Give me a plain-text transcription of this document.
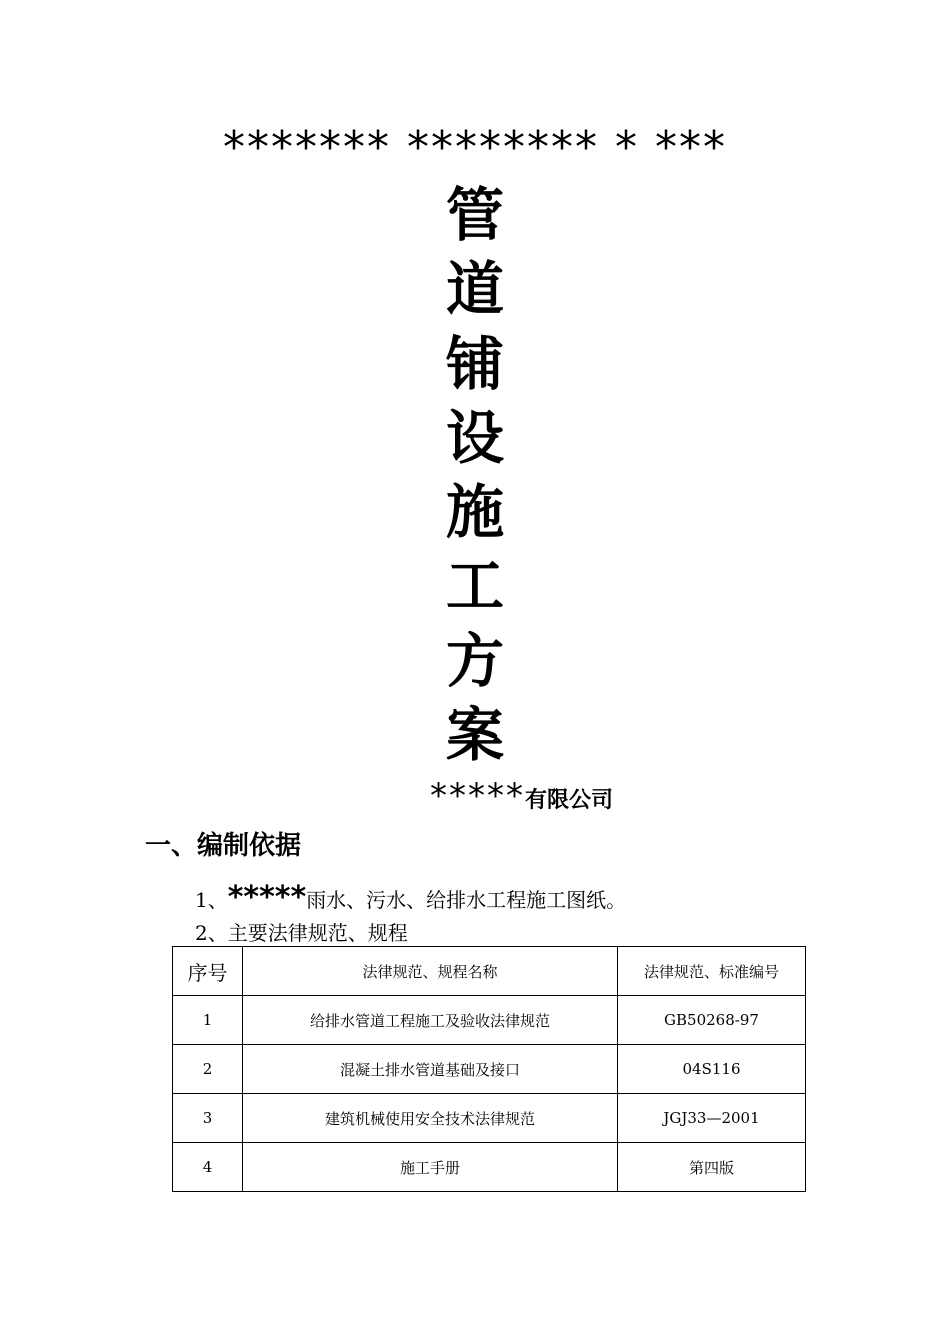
******* ******** * ***
管
道
铺
设
施
工
方
案
*****有限公司
一、编制依据
1、*****雨水、污水、给排水工程施工图纸。
2、主要法律规范、规程
序号	法律规范、规程名称	法律规范、标准编号
1	给排水管道工程施工及验收法律规范	GB50268-97
2	混凝土排水管道基础及接口	04S116
3	建筑机械使用安全技术法律规范	JGJ33—2001
4	施工手册	第四版
